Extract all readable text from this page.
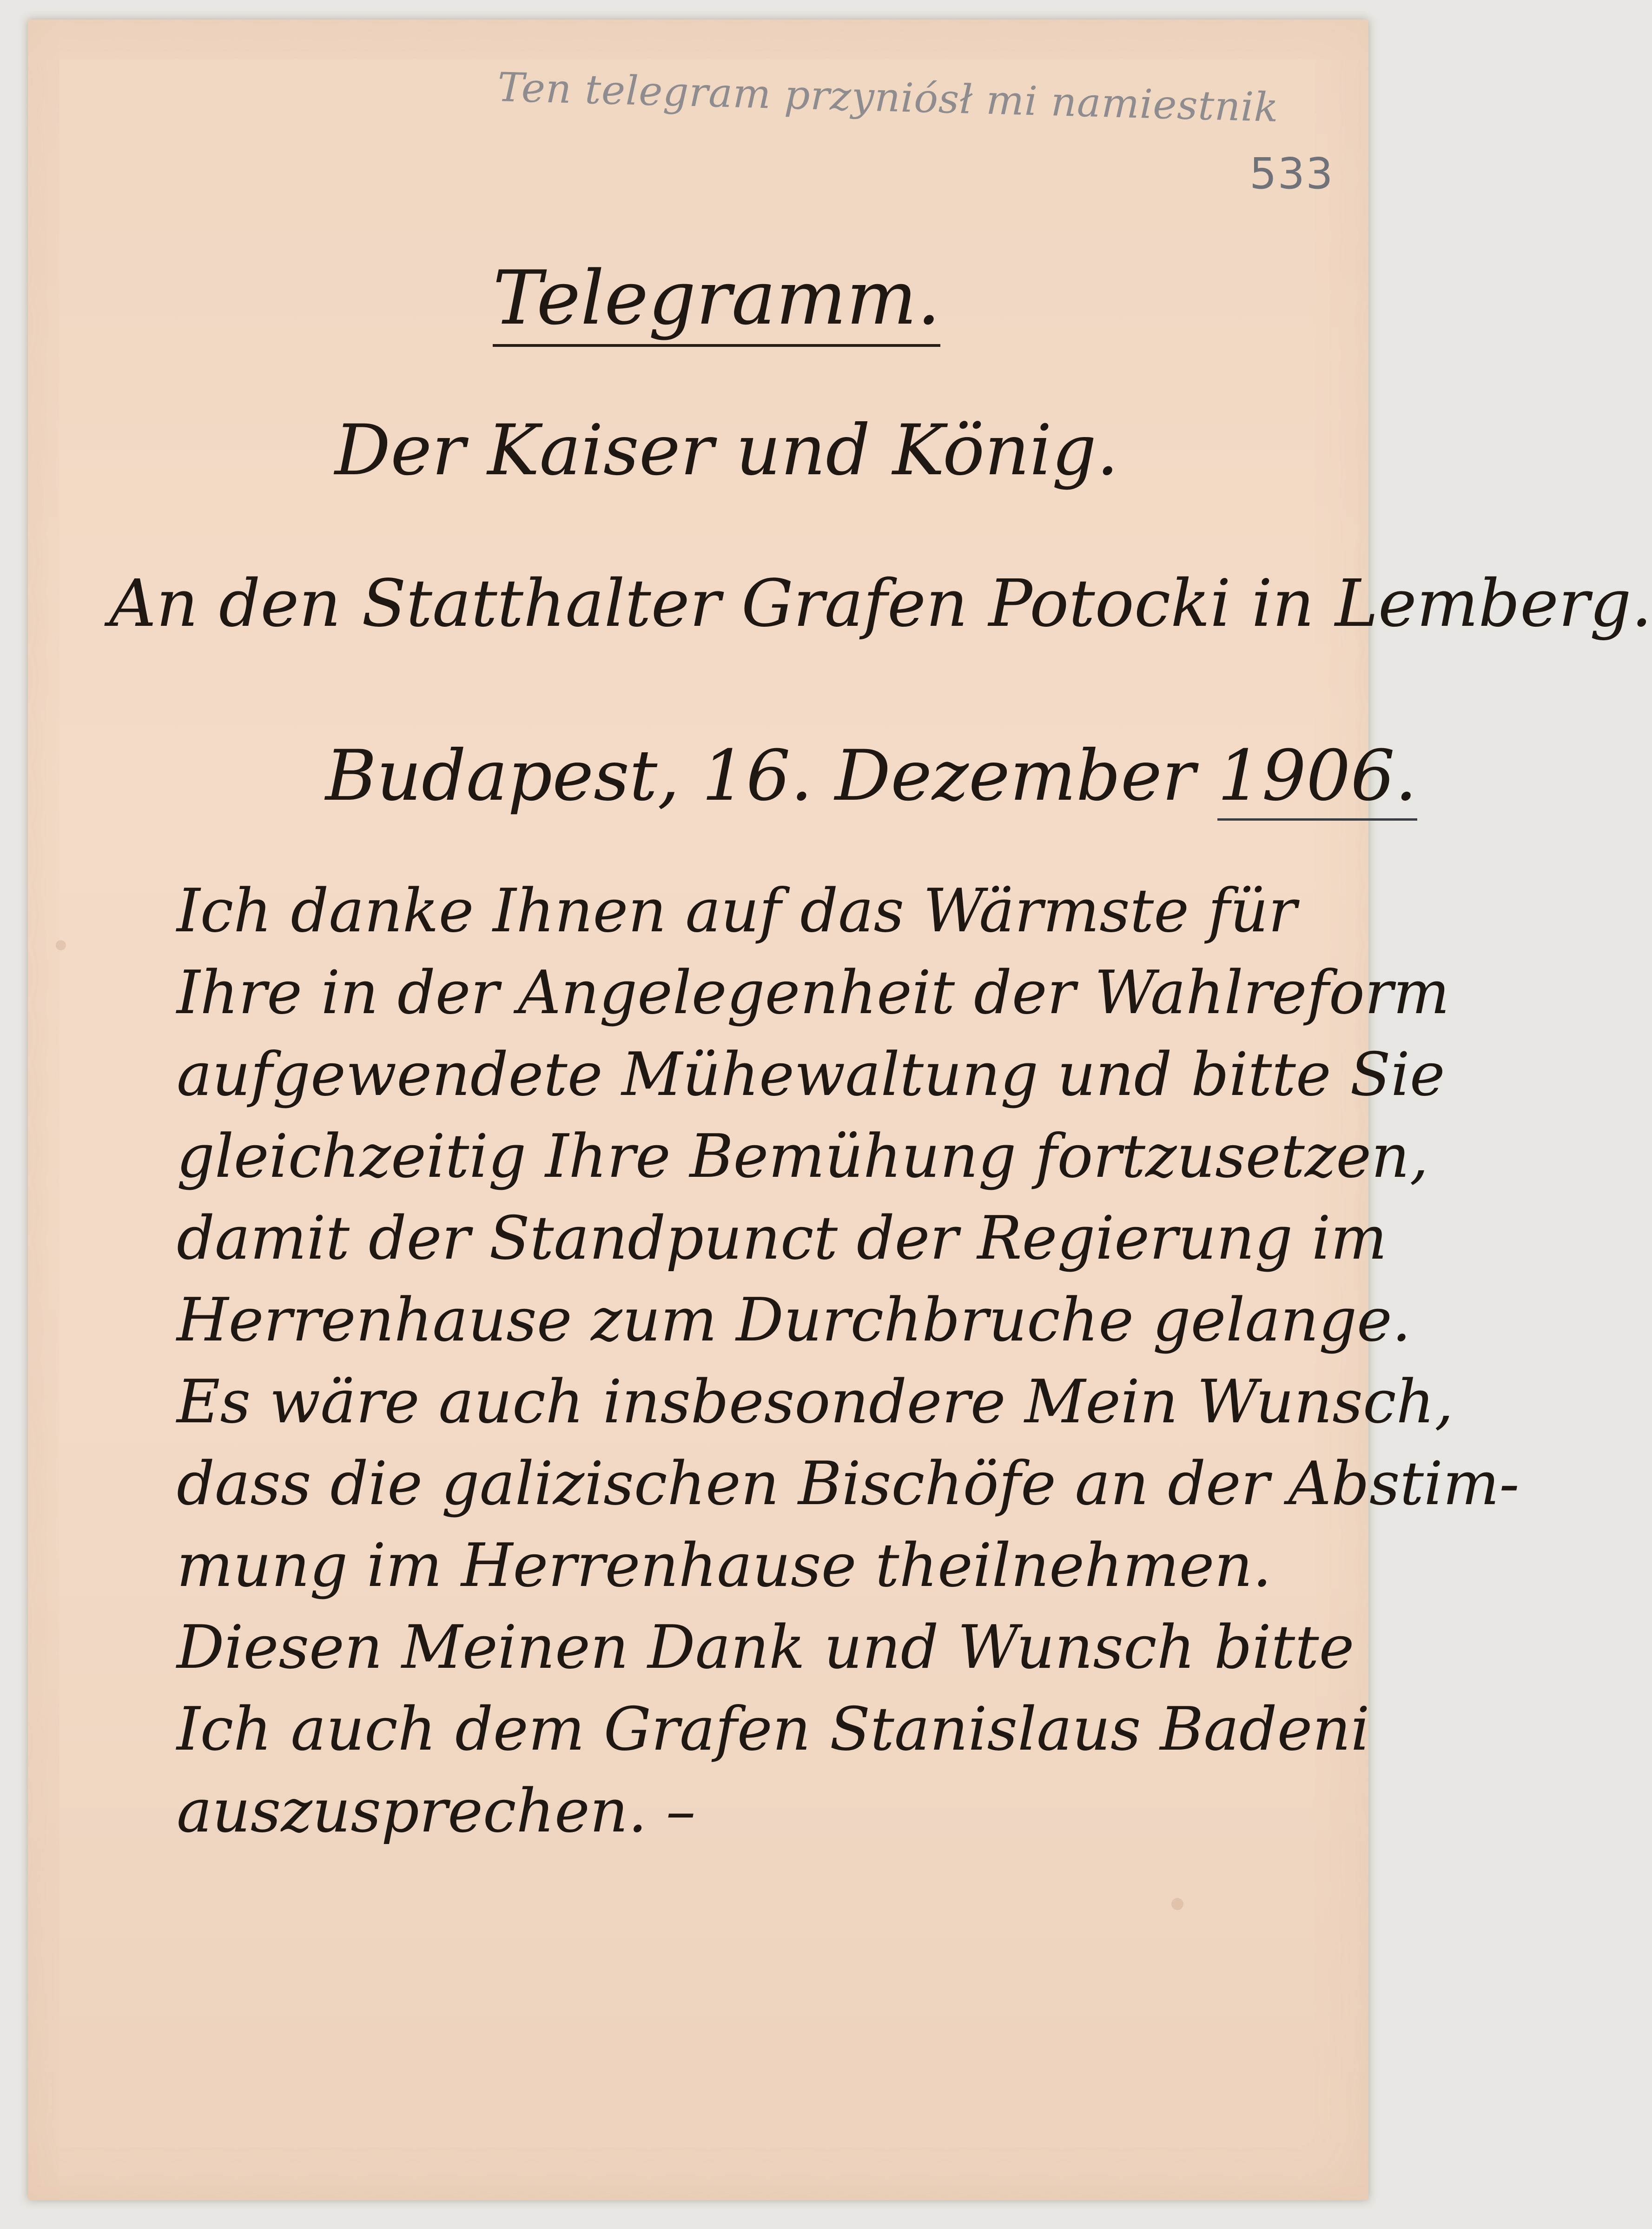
Ten telegram przyniósł mi namiestnik
533
Telegramm.
Der Kaiser und König.
An den Statthalter Grafen Potocki in Lemberg.
Budapest, 16. Dezember 1906.
Ich danke Ihnen auf das Wärmste für
Ihre in der Angelegenheit der Wahlreform
aufgewendete Mühewaltung und bitte Sie
gleichzeitig Ihre Bemühung fortzusetzen,
damit der Standpunct der Regierung im
Herrenhause zum Durchbruche gelange.
Es wäre auch insbesondere Mein Wunsch,
dass die galizischen Bischöfe an der Abstim-
mung im Herrenhause theilnehmen.
Diesen Meinen Dank und Wunsch bitte
Ich auch dem Grafen Stanislaus Badeni
auszusprechen. –
